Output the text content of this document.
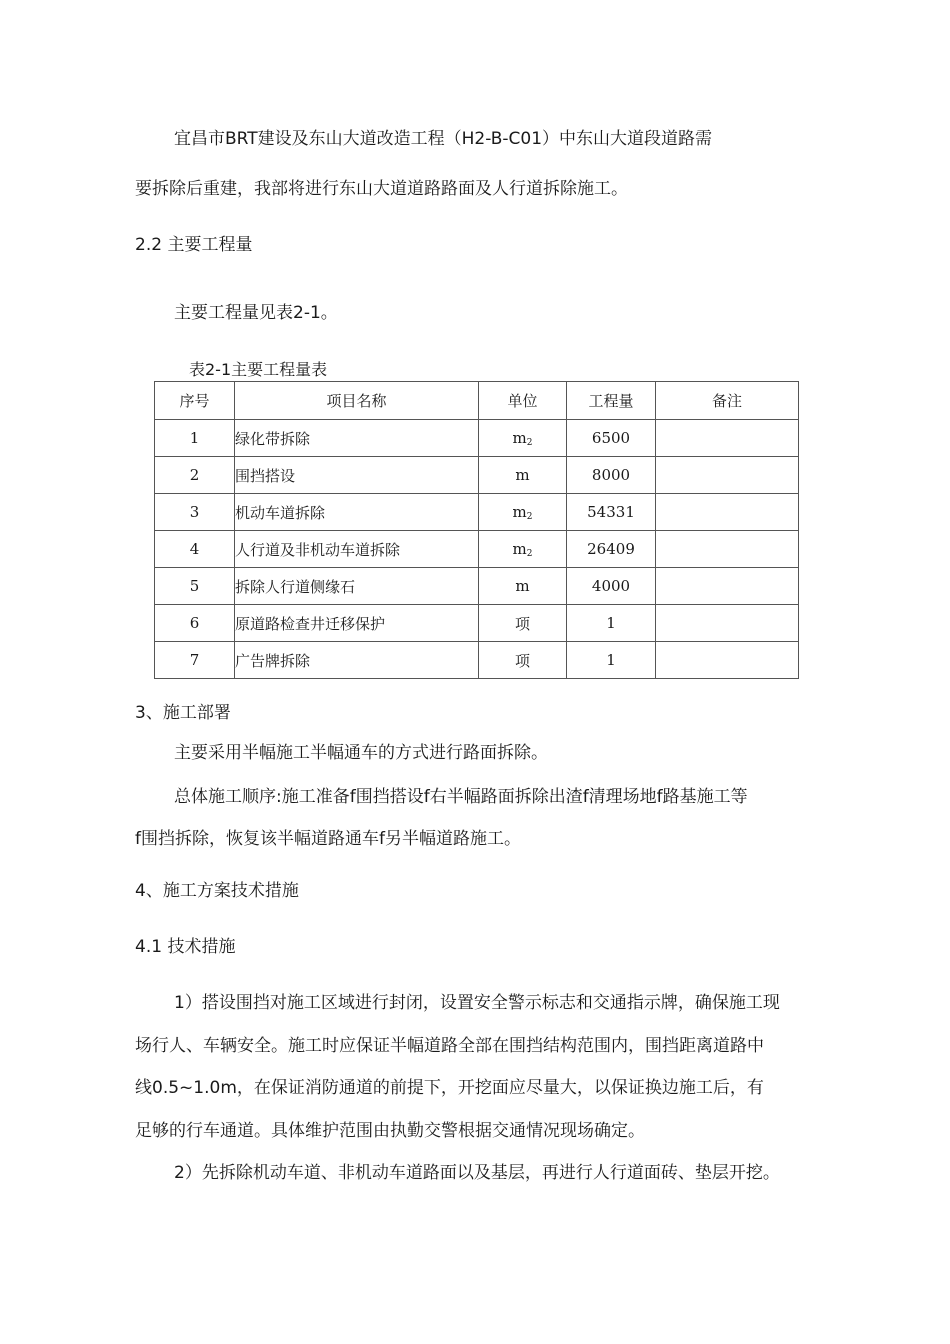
宜昌市BRT建设及东山大道改造工程（H2-B-C01）中东山大道段道路需
要拆除后重建，我部将进行东山大道道路路面及人行道拆除施工。
2.2 主要工程量
主要工程量见表2-1。
表2-1主要工程量表
序号	项目名称	单位	工程量	备注
1	绿化带拆除	$m_2$	6500	
2	围挡搭设	m	8000	
3	机动车道拆除	$m_2$	54331	
4	人行道及非机动车道拆除	$m_2$	26409	
5	拆除人行道侧缘石	m	4000	
6	原道路检查井迁移保护	项	1	
7	广告牌拆除	项	1	
3、施工部署
主要采用半幅施工半幅通车的方式进行路面拆除。
总体施工顺序:施工准备f围挡搭设f右半幅路面拆除出渣f清理场地f路基施工等
f围挡拆除，恢复该半幅道路通车f另半幅道路施工。
4、施工方案技术措施
4.1 技术措施
1）搭设围挡对施工区域进行封闭，设置安全警示标志和交通指示牌，确保施工现
场行人、车辆安全。施工时应保证半幅道路全部在围挡结构范围内，围挡距离道路中
线0.5~1.0m，在保证消防通道的前提下，开挖面应尽量大，以保证换边施工后，有
足够的行车通道。具体维护范围由执勤交警根据交通情况现场确定。
2）先拆除机动车道、非机动车道路面以及基层，再进行人行道面砖、垫层开挖。
